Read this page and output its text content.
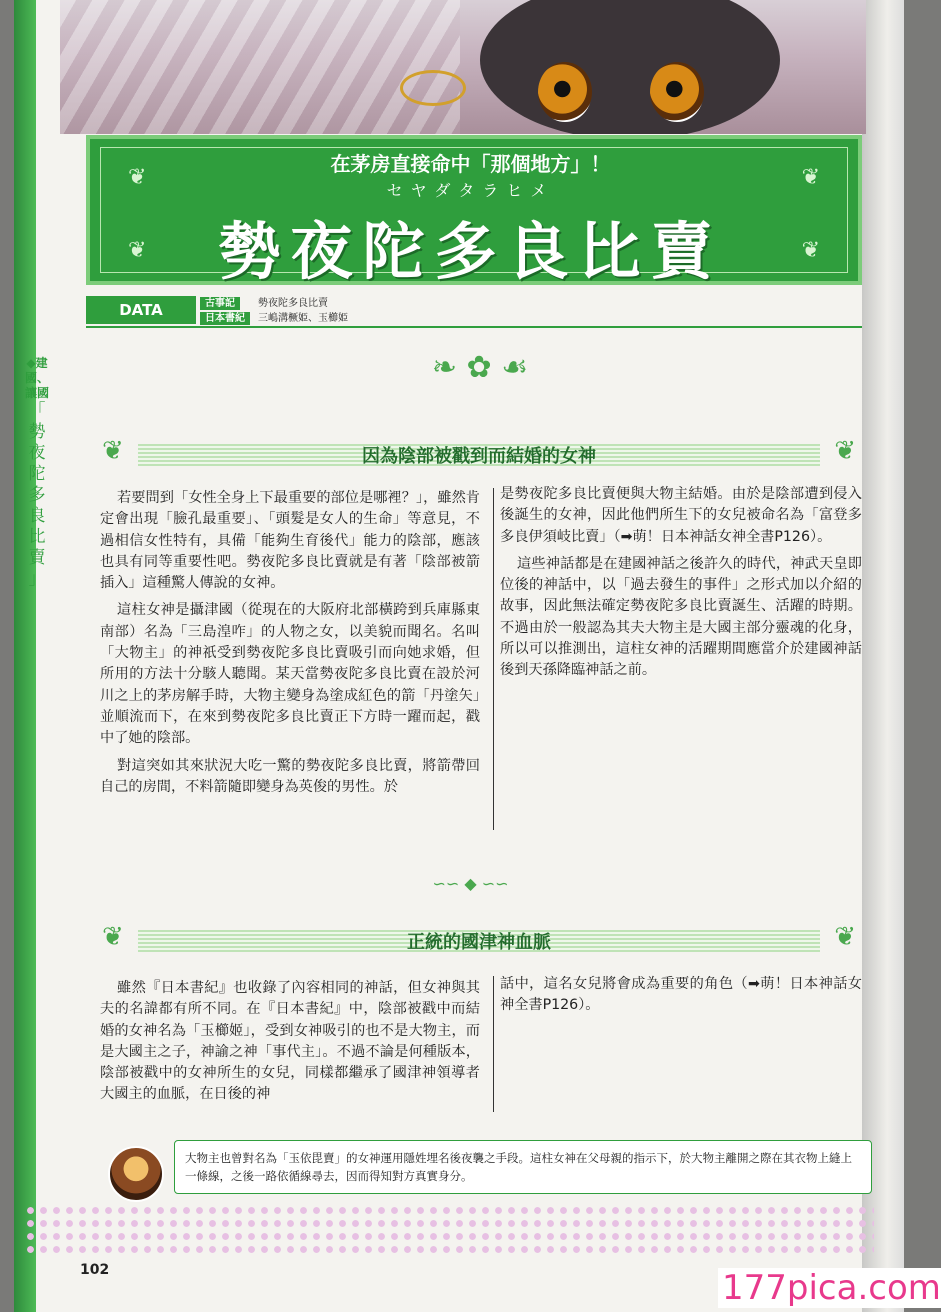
❦	❦
❦	❦
在茅房直接命中「那個地方」！
セヤダタラヒメ
勢夜陀多良比賣
DATA	古事記	勢夜陀多良比賣
日本書紀	三嶋溝橛姫、玉櫛姫
◆建國、讓國
「
勢夜陀多良比賣
」
❧ ✿ ☙
❦	❦
因為陰部被戳到而結婚的女神

若要問到「女性全身上下最重要的部位是哪裡？」，雖然肯定會出現「臉孔最重要」、「頭髮是女人的生命」等意見，不過相信女性特有，具備「能夠生育後代」能力的陰部，應該也具有同等重要性吧。勢夜陀多良比賣就是有著「陰部被箭插入」這種驚人傳說的女神。

這柱女神是攝津國（從現在的大阪府北部橫跨到兵庫縣東南部）名為「三島湟咋」的人物之女，以美貌而聞名。名叫「大物主」的神祇受到勢夜陀多良比賣吸引而向她求婚，但所用的方法十分駭人聽聞。某天當勢夜陀多良比賣在設於河川之上的茅房解手時，大物主變身為塗成紅色的箭「丹塗矢」並順流而下，在來到勢夜陀多良比賣正下方時一躍而起，戳中了她的陰部。

對這突如其來狀況大吃一驚的勢夜陀多良比賣，將箭帶回自己的房間，不料箭隨即變身為英俊的男性。於

是勢夜陀多良比賣便與大物主結婚。由於是陰部遭到侵入後誕生的女神，因此他們所生下的女兒被命名為「富登多多良伊須岐比賣」（➡萌！日本神話女神全書P126）。

這些神話都是在建國神話之後許久的時代，神武天皇即位後的神話中，以「過去發生的事件」之形式加以介紹的故事，因此無法確定勢夜陀多良比賣誕生、活躍的時期。不過由於一般認為其夫大物主是大國主部分靈魂的化身，所以可以推測出，這柱女神的活躍期間應當介於建國神話後到天孫降臨神話之前。

∽∽ ◆ ∽∽
❦	❦
正統的國津神血脈

雖然『日本書紀』也收錄了內容相同的神話，但女神與其夫的名諱都有所不同。在『日本書紀』中，陰部被戳中而結婚的女神名為「玉櫛姬」，受到女神吸引的也不是大物主，而是大國主之子，神諭之神「事代主」。不過不論是何種版本，陰部被戳中的女神所生的女兒，同樣都繼承了國津神領導者大國主的血脈，在日後的神

話中，這名女兒將會成為重要的角色（➡萌！日本神話女神全書P126）。

大物主也曾對名為「玉依毘賣」的女神運用隱姓埋名後夜襲之手段。這柱女神在父母親的指示下，於大物主離開之際在其衣物上縫上一條線，之後一路依循線尋去，因而得知對方真實身分。

102	177pica.com
